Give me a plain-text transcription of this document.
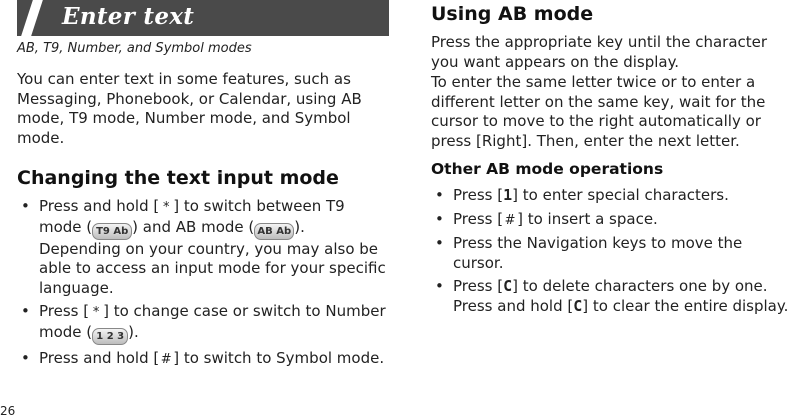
Enter text
AB, T9, Number, and Symbol modes
You can enter text in some features, such as Messaging, Phonebook, or Calendar, using AB mode, T9 mode, Number mode, and Symbol mode.
Changing the text input mode
• Press and hold [ * ] to switch between T9 mode ( T9 Ab ) and AB mode ( AB Ab ). Depending on your country, you may also be able to access an input mode for your specific language.
• Press [ * ] to change case or switch to Number mode ( 1 2 3 ).
• Press and hold [ # ] to switch to Symbol mode.
Using AB mode
Press the appropriate key until the character you want appears on the display.
To enter the same letter twice or to enter a different letter on the same key, wait for the cursor to move to the right automatically or press [Right]. Then, enter the next letter.
Other AB mode operations
• Press [1] to enter special characters.
• Press [ # ] to insert a space.
• Press the Navigation keys to move the cursor.
• Press [C] to delete characters one by one. Press and hold [C] to clear the entire display.
26
